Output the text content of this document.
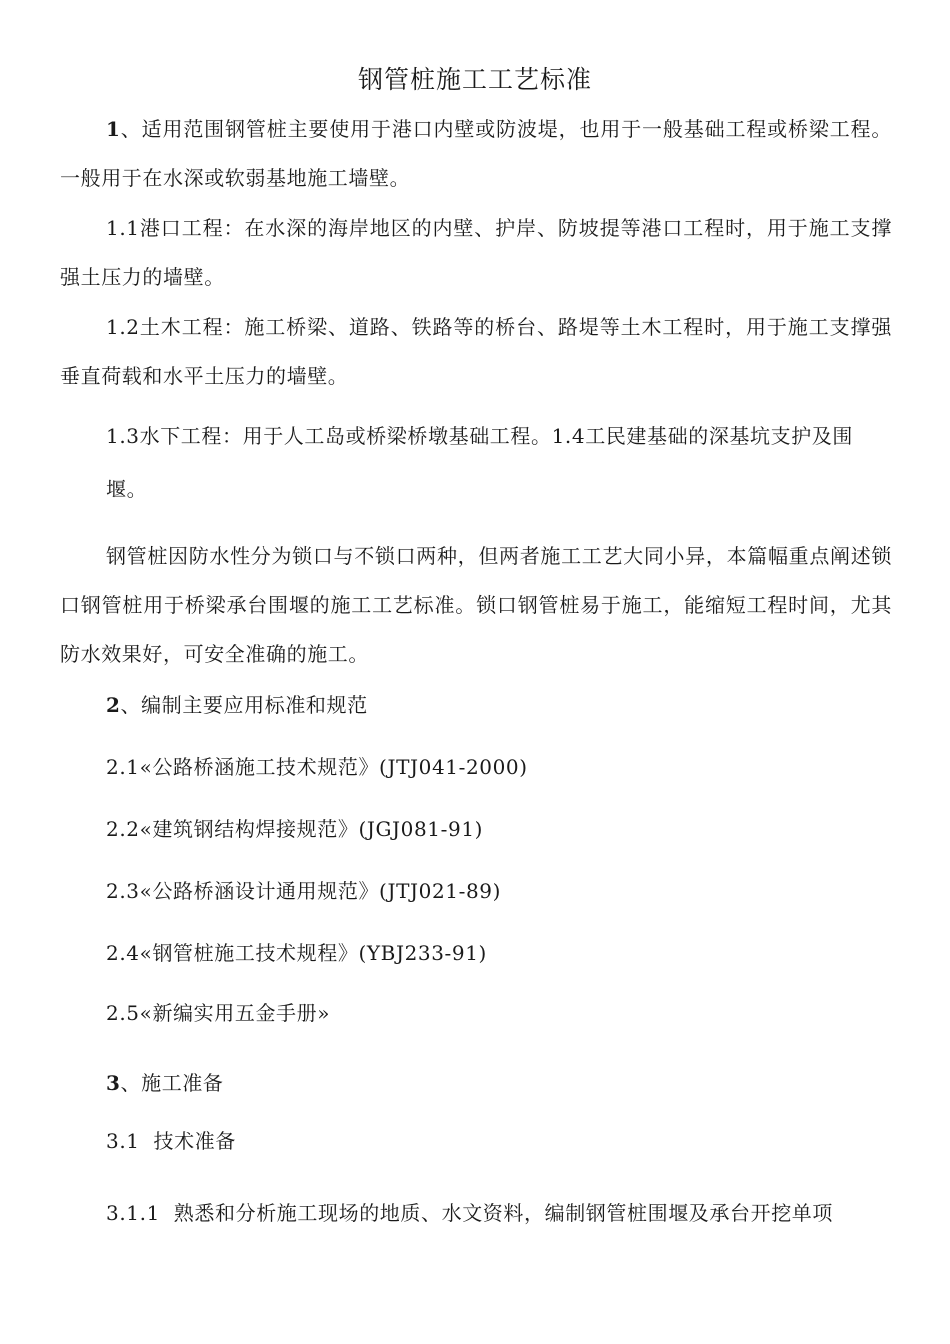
钢管桩施工工艺标准

1、适用范围钢管桩主要使用于港口内壁或防波堤，也用于一般基础工程或桥梁工程。一般用于在水深或软弱基地施工墙壁。

1.1港口工程：在水深的海岸地区的内壁、护岸、防坡提等港口工程时，用于施工支撑强土压力的墙壁。

1.2土木工程：施工桥梁、道路、铁路等的桥台、路堤等土木工程时，用于施工支撑强垂直荷载和水平土压力的墙壁。

1.3水下工程：用于人工岛或桥梁桥墩基础工程。1.4工民建基础的深基坑支护及围堰。

钢管桩因防水性分为锁口与不锁口两种，但两者施工工艺大同小异，本篇幅重点阐述锁口钢管桩用于桥梁承台围堰的施工工艺标准。锁口钢管桩易于施工，能缩短工程时间，尤其防水效果好，可安全准确的施工。

2、编制主要应用标准和规范

2.1«公路桥涵施工技术规范》(JTJ041-2000)

2.2«建筑钢结构焊接规范》(JGJ081-91)

2.3«公路桥涵设计通用规范》(JTJ021-89)

2.4«钢管桩施工技术规程》(YBJ233-91)

2.5«新编实用五金手册»

3、施工准备

3.1  技术准备

3.1.1  熟悉和分析施工现场的地质、水文资料，编制钢管桩围堰及承台开挖单项
